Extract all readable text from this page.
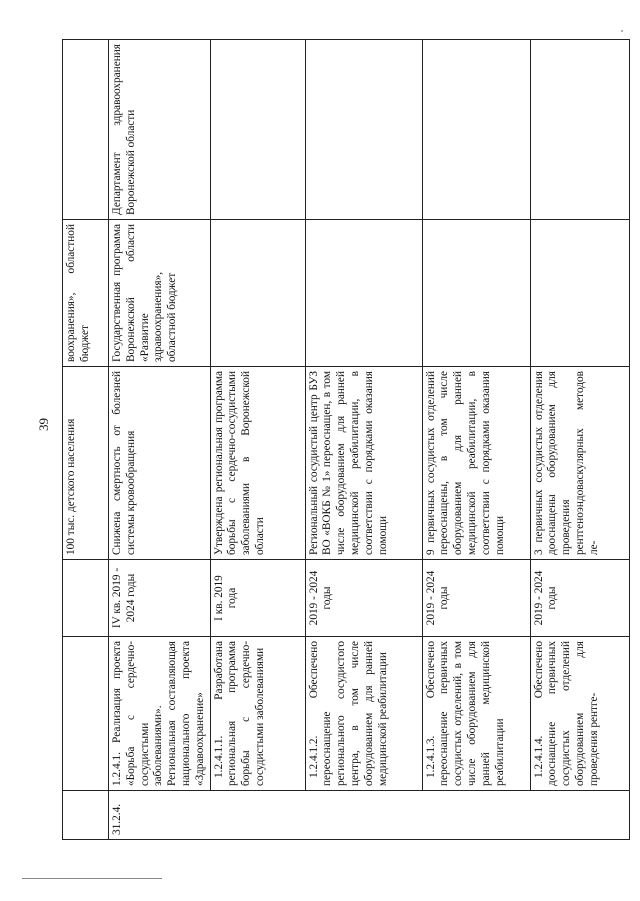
39
			100 тыс. детского населения	воохранения», областной бюджет	
31.2.4.	1.2.4.1. Реализация проекта «Борьба с сердечно-сосудистыми заболеваниями». Региональная составляющая национального проекта «Здравоохранение»	IV кв. 2019 - 2024 годы	Снижена смертность от болезней системы кровообращения	Государственная программа Воронежской области «Развитие здравоохранения», областной бюджет	Департамент здравоохранения Воронежской области
	1.2.4.1.1. Разработана региональная программа борьбы с сердечно-сосудистыми заболеваниями	I кв. 2019 года	Утверждена региональная программа борьбы с сердечно-сосудистыми заболеваниями в Воронежской области		
	1.2.4.1.2. Обеспечено переоснащение регионального сосудистого центра, в том числе оборудованием для ранней медицинской реабилитации	2019 - 2024 годы	Региональный сосудистый центр БУЗ ВО «ВОКБ № 1» переоснащен, в том числе оборудованием для ранней медицинской реабилитации, в соответствии с порядками оказания помощи		
	1.2.4.1.3. Обеспечено переоснащение первичных сосудистых отделений, в том числе оборудованием для ранней медицинской реабилитации	2019 - 2024 годы	9 первичных сосудистых отделений переоснащены, в том числе оборудованием для ранней медицинской реабилитации, в соответствии с порядками оказания помощи		
	1.2.4.1.4. Обеспечено дооснащение первичных сосудистых отделений оборудованием для проведения рентге-	2019 - 2024 годы	3 первичных сосудистых отделения дооснащены оборудованием для проведения рентгеноэндоваскулярных методов ле-		
